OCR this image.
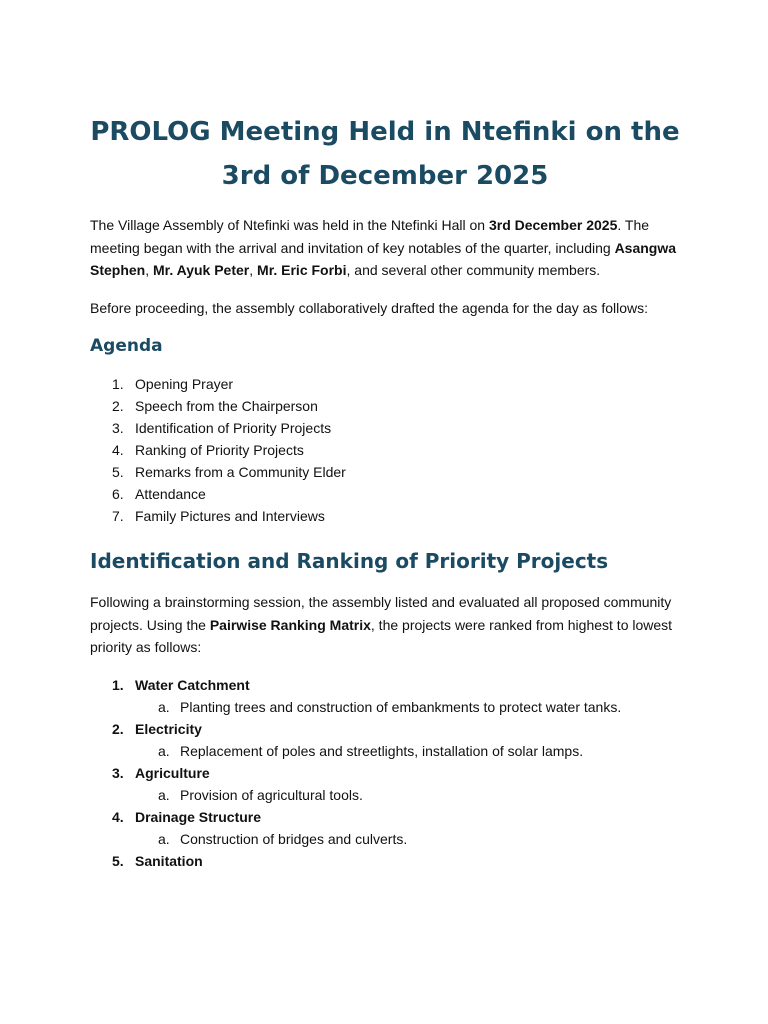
PROLOG Meeting Held in Ntefinki on the
3rd of December 2025

The Village Assembly of Ntefinki was held in the Ntefinki Hall on 3rd December 2025. The meeting began with the arrival and invitation of key notables of the quarter, including Asangwa Stephen, Mr. Ayuk Peter, Mr. Eric Forbi, and several other community members.

Before proceeding, the assembly collaboratively drafted the agenda for the day as follows:

Agenda
1. Opening Prayer
2. Speech from the Chairperson
3. Identification of Priority Projects
4. Ranking of Priority Projects
5. Remarks from a Community Elder
6. Attendance
7. Family Pictures and Interviews
Identification and Ranking of Priority Projects

Following a brainstorming session, the assembly listed and evaluated all proposed community projects. Using the Pairwise Ranking Matrix, the projects were ranked from highest to lowest priority as follows:

1. Water Catchment
a. Planting trees and construction of embankments to protect water tanks.
2. Electricity
a. Replacement of poles and streetlights, installation of solar lamps.
3. Agriculture
a. Provision of agricultural tools.
4. Drainage Structure
a. Construction of bridges and culverts.
5. Sanitation
